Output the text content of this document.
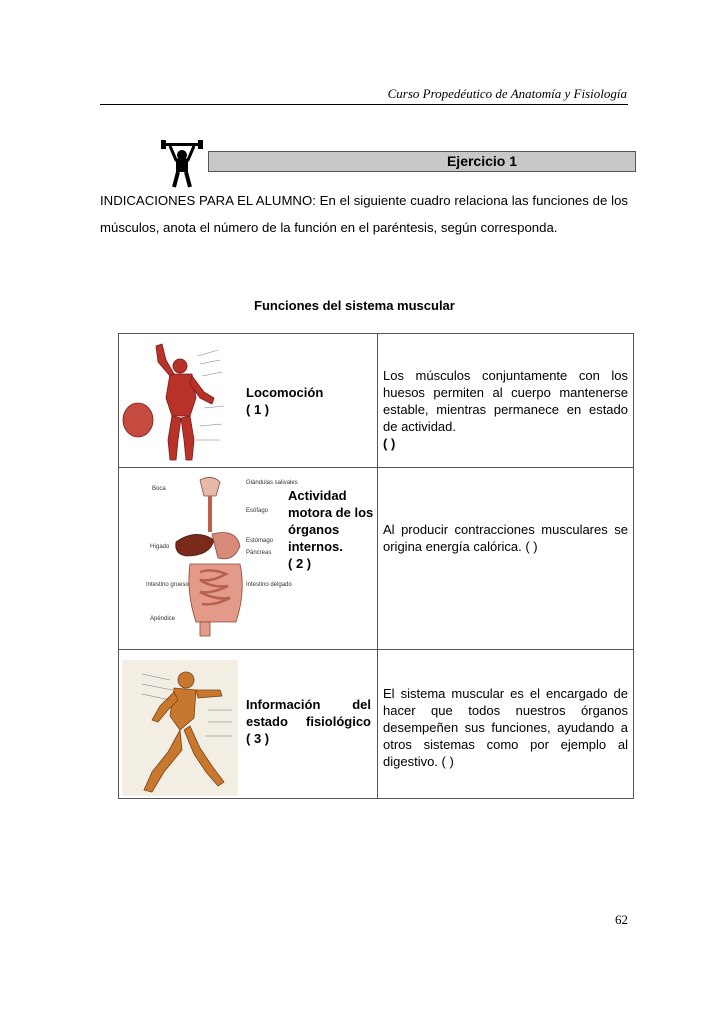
Curso Propedéutico de Anatomía y Fisiología
Ejercicio 1
INDICACIONES PARA EL ALUMNO: En el siguiente cuadro relaciona las funciones de los músculos, anota el número de la función en el paréntesis, según corresponda.
Funciones del sistema muscular
Locomoción
( 1 )
Los músculos conjuntamente con los huesos permiten al cuerpo mantenerse estable, mientras permanece en estado de actividad.
( )
Boca
Glándulas salivales
Esófago
Hígado
Estómago
Páncreas
Intestino grueso	Intestino delgado
Apéndice
Actividad motora de los órganos internos.
( 2 )
Al producir contracciones musculares se origina energía calórica. ( )
Información del estado fisiológico
( 3 )
El sistema muscular es el encargado de hacer que todos nuestros órganos desempeñen sus funciones, ayudando a otros sistemas como por ejemplo al digestivo. ( )
62
